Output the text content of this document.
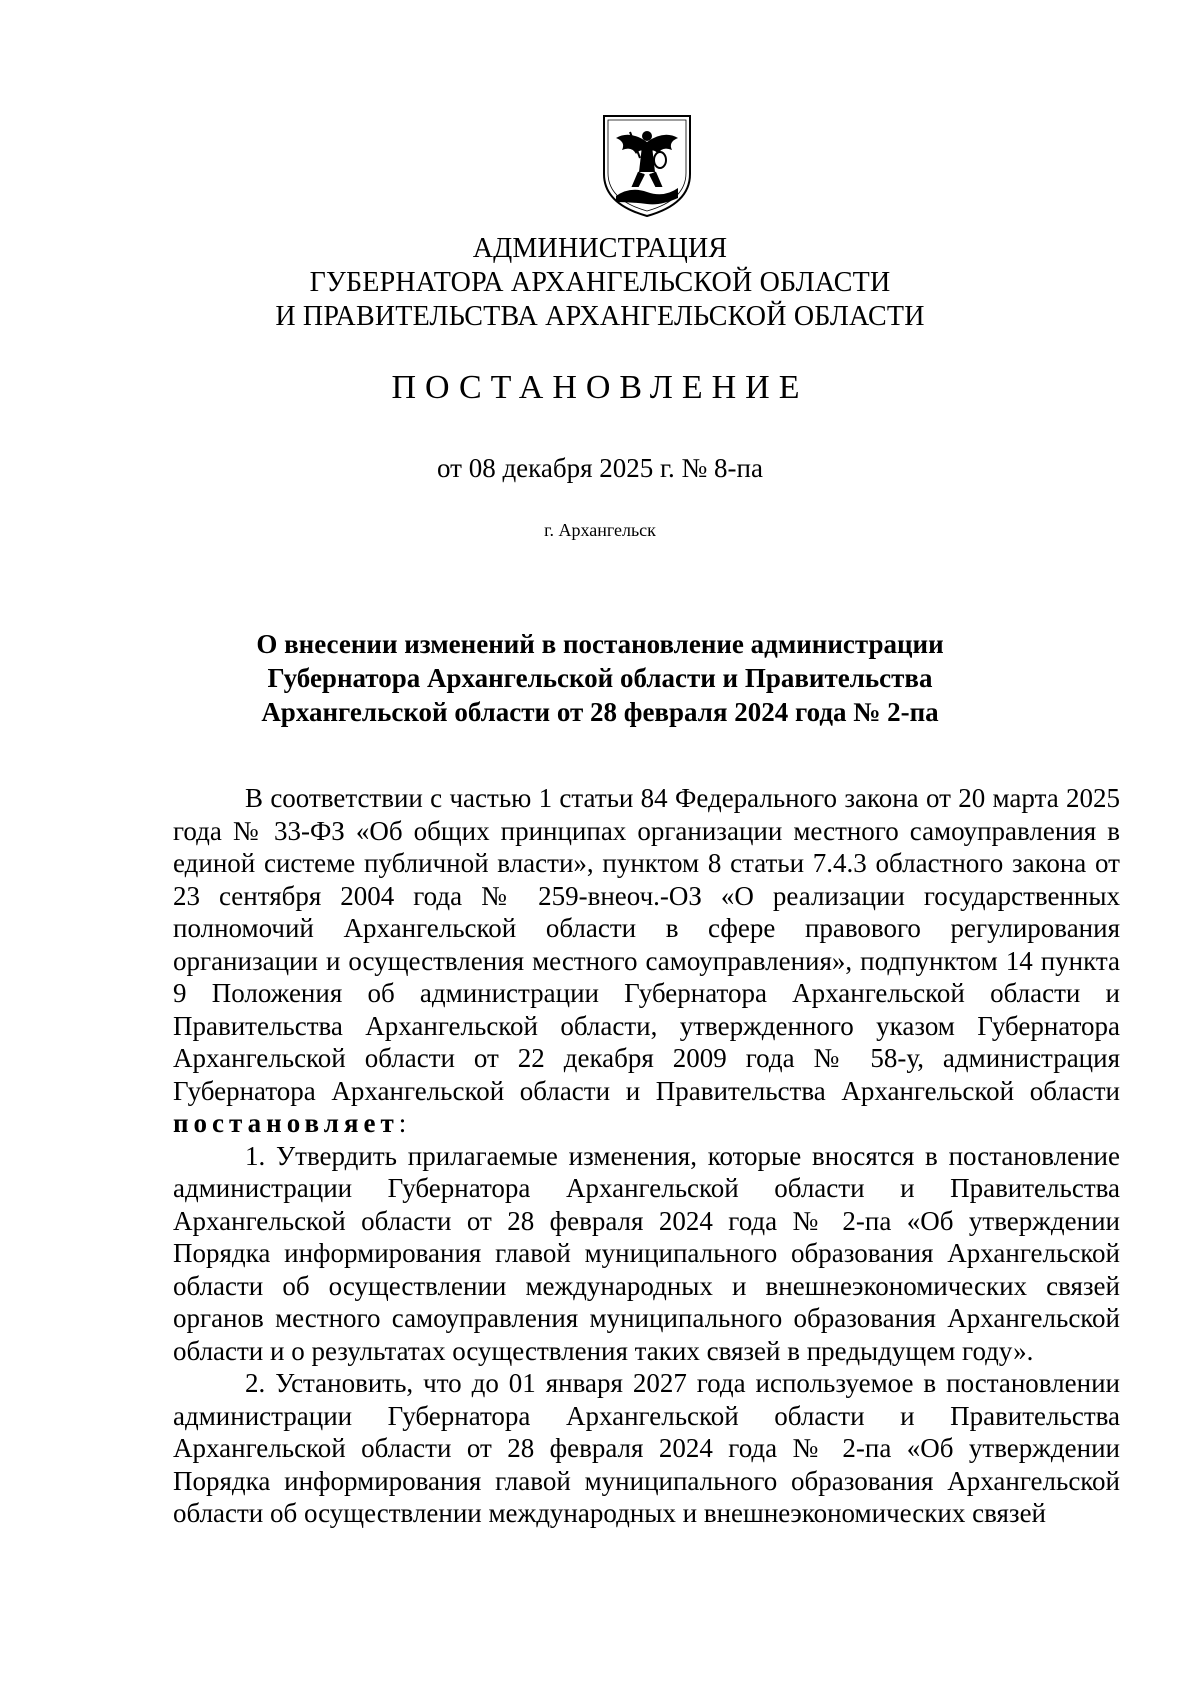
АДМИНИСТРАЦИЯ
ГУБЕРНАТОРА АРХАНГЕЛЬСКОЙ ОБЛАСТИ
И ПРАВИТЕЛЬСТВА АРХАНГЕЛЬСКОЙ ОБЛАСТИ
ПОСТАНОВЛЕНИЕ
от 08 декабря 2025 г. № 8-па
г. Архангельск
О внесении изменений в постановление администрации
Губернатора Архангельской области и Правительства
Архангельской области от 28 февраля 2024 года № 2-па

В соответствии с частью 1 статьи 84 Федерального закона от 20 марта 2025 года № 33-ФЗ «Об общих принципах организации местного самоуправления в единой системе публичной власти», пунктом 8 статьи 7.4.3 областного закона от 23 сентября 2004 года № 259-внеоч.-ОЗ «О реализации государственных полномочий Архангельской области в сфере правового регулирования организации и осуществления местного самоуправления», подпунктом 14 пункта 9 Положения об администрации Губернатора Архангельской области и Правительства Архангельской области, утвержденного указом Губернатора Архангельской области от 22 декабря 2009 года № 58-у, администрация Губернатора Архангельской области и Правительства Архангельской области постановляет:

1. Утвердить прилагаемые изменения, которые вносятся в постановление администрации Губернатора Архангельской области и Правительства Архангельской области от 28 февраля 2024 года № 2-па «Об утверждении Порядка информирования главой муниципального образования Архангельской области об осуществлении международных и внешнеэкономических связей органов местного самоуправления муниципального образования Архангельской области и о результатах осуществления таких связей в предыдущем году».

2. Установить, что до 01 января 2027 года используемое в постановлении администрации Губернатора Архангельской области и Правительства Архангельской области от 28 февраля 2024 года № 2-па «Об утверждении Порядка информирования главой муниципального образования Архангельской области об осуществлении международных и внешнеэкономических связей
